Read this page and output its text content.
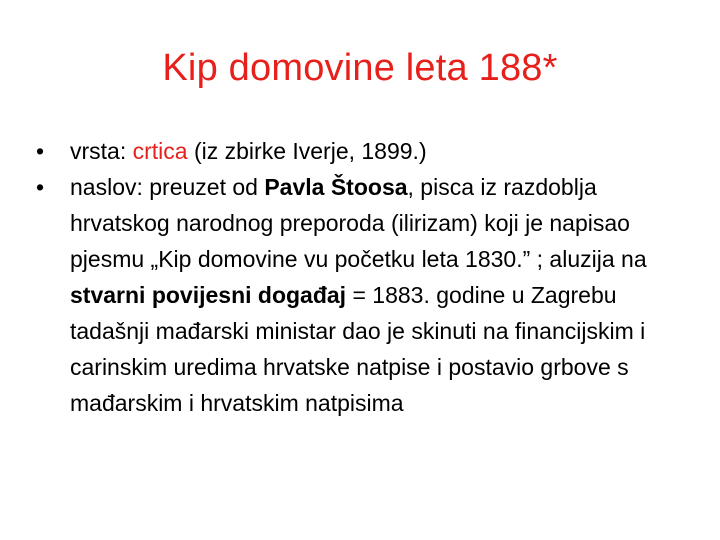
Kip domovine leta 188*
•	vrsta: crtica (iz zbirke Iverje, 1899.)
•	naslov: preuzet od Pavla Štoosa, pisca iz razdoblja hrvatskog narodnog preporoda (ilirizam) koji je napisao pjesmu „Kip domovine vu početku leta 1830.” ; aluzija na stvarni povijesni događaj = 1883. godine u Zagrebu tadašnji mađarski ministar dao je skinuti na financijskim i carinskim uredima hrvatske natpise i postavio grbove s mađarskim i hrvatskim natpisima
